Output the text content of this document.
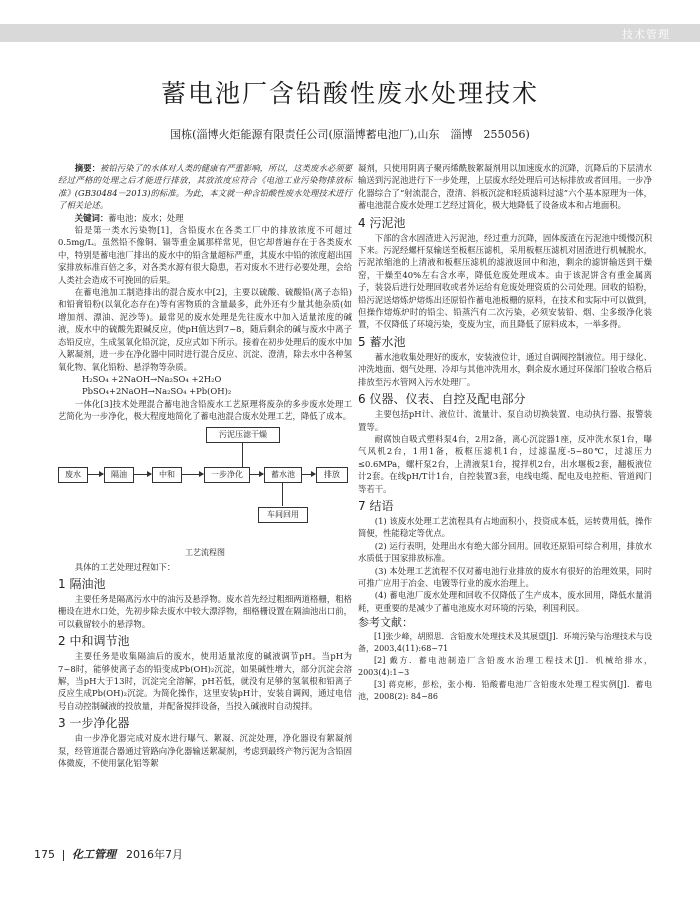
技术管理
蓄电池厂含铅酸性废水处理技术
国栋(淄博火炬能源有限责任公司(原淄博蓄电池厂),山东　淄博　255056)

摘要：被铅污染了的水体对人类的健康有严重影响，所以，这类废水必须要经过严格的处理之后才能进行排放，其放浓度应符合《电池工业污染物排放标准》(GB30484－2013)的标准。为此，本文就一种含铅酸性废水处理技术进行了相关论述。

关键词：蓄电池；废水；处理

铅是第一类水污染物[1]，含铅废水在各类工厂中的排放浓度不可超过0.5mg/L。虽然铅不像铜、镉等重金属那样常见，但它却普遍存在于各类废水中，特别是蓄电池厂排出的废水中的铅含量超标严重，其废水中铅的浓度超出国家排放标准百倍之多，对各类水源有很大隐患，若对废水不进行必要处理，会给人类社会造成不可挽回的后果。

在蓄电池加工制造排出的混合废水中[2]，主要以硫酸、硫酸铅(离子态铅)和铅膏铅粉(以氧化态存在)等有害物质的含量最多，此外还有少量其他杂质(如增加剂、漂油、泥沙等)。最常见的废水处理是先往废水中加入适量浓度的碱液，废水中的硫酸先跟碱反应，使pH值达到7~8，随后剩余的碱与废水中离子态铅反应，生成氢氧化铅沉淀，反应式如下所示。接着在初步处理后的废水中加入絮凝剂，进一步在净化器中同时进行混合反应、沉淀、澄清，除去水中各种氢氧化物、氧化铅粉、悬浮物等杂质。

H₂SO₄ +2NaOH→Na₂SO₄ +2H₂O
PbSO₄+2NaOH→Na₂SO₄ +Pb(OH)₂

一体化[3]技术处理混合蓄电池含铅废水工艺原理将废杂的多步废水处理工艺简化为一步净化，极大程度地简化了蓄电池混合废水处理工艺，降低了成本。

污泥压滤干燥
废水	隔油	中和	一步净化	蓄水池	排放
车间回用
工艺流程图

具体的工艺处理过程如下：

1 隔油池

主要任务是隔离污水中的油污及悬浮物。废水首先经过粗细两道格栅，粗格栅设在进水口处，先初步除去废水中较大漂浮物，细格栅设置在隔油池出口前，可以截留较小的悬浮物。

2 中和调节池

主要任务是收集隔油后的废水，使用适量浓度的碱液调节pH。当pH为7~8时，能够使离子态的铅变成Pb(OH)₂沉淀，如果碱性增大，部分沉淀会溶解，当pH大于13时，沉淀完全溶解，pH若低，就没有足够的氢氧根和铅离子反应生成Pb(OH)₂沉淀。为简化操作，这里安装pH计，安装自调阀，通过电信号自动控制碱液的投放量，并配备搅拌设备，当投入碱液时自动搅拌。

3 一步净化器

由一步净化器完成对废水进行曝气、絮凝、沉淀处理，净化器设有絮凝剂泵，经管道混合器通过管路向净化器输送絮凝剂，考虑到最终产物污泥为含铅固体微废，不使用氯化铝等絮

凝剂，只使用阴离子聚丙烯酰胺絮凝剂用以加速废水的沉降，沉降后的下层清水输送到污泥池进行下一步处理，上层废水经处理后可达标排放或者回用。一步净化器综合了“射流混合，澄清、斜板沉淀和轻质滤料过滤”六个基本原理为一体，蓄电池混合废水处理工艺经过简化，极大地降低了设备成本和占地面积。

4 污泥池

下部的含水固渣进入污泥池，经过重力沉降，固体废渣在污泥池中缓慢沉积下来。污泥经螺杆泵输送至板框压滤机，采用板框压滤机对固渣进行机械脱水，污泥浓缩池的上清液和板框压滤机的滤液返回中和池，剩余的滤饼输送到干燥窑，干燥至40%左右含水率，降低危废处理成本。由于该泥饼含有重金属离子，装袋后进行处理回收或者外运给有危废处理资质的公司处理。回收的铅粉，铅污泥送熔炼炉熔炼出还原铅作蓄电池板栅的原料，在技术和实际中可以做到，但操作熔炼炉时的铅尘、铅蒸汽有二次污染，必须安装铅、烟、尘多级净化装置，不仅降低了环境污染，变废为宝，而且降低了原料成本，一举多得。

5 蓄水池

蓄水池收集处理好的废水，安装液位计，通过自调阀控制液位。用于绿化、冲洗地面、烟气处理、冷却与其他冲洗用水，剩余废水通过环保部门验收合格后排放至污水管网入污水处理厂。

6 仪器、仪表、自控及配电部分

主要包括pH计、液位计、流量计、泵自动切换装置、电动执行器、报警装置等。

耐腐蚀自吸式塑料泵4台，2用2备，离心沉淀器1座，反冲洗水泵1台，曝气风机2台，1用1备，板框压滤机1台，过滤温度-5~80℃，过滤压力≤0.6MPa，螺杆泵2台，上清液泵1台，搅拌机2台，出水堰板2套，翻板液位计2套。在线pH/T计1台，自控装置3套，电线电缆、配电及电控柜、管道阀门等若干。

7 结语

(1) 该废水处理工艺流程具有占地面积小，投资成本低，运转费用低，操作简便，性能稳定等优点。

(2) 运行表明，处理出水有绝大部分回用。回收还原铅可综合利用，排放水水质低于国家排放标准。

(3) 本处理工艺流程不仅对蓄电池行业排放的废水有很好的治理效果，同时可推广应用于冶金、电镀等行业的废水治理上。

(4) 蓄电池厂废水处理和回收不仅降低了生产成本，废水回用，降低水量消耗，更重要的是减少了蓄电池废水对环境的污染，利国利民。

参考文献：

[1]张少峰，胡照思．含铅废水处理技术及其展望[J]．环境污染与治理技术与设备，2003,4(11):68~71

[2] 戴方．蓄电池制造厂含铅废水治理工程技术[J]．机械给排水，2003(4):1~3

[3] 蒋克彬，彭松，张小梅．铅酸蓄电池厂含铅废水处理工程实例[J]．蓄电池，2008(2): 84~86

175 化工管理 2016年7月
